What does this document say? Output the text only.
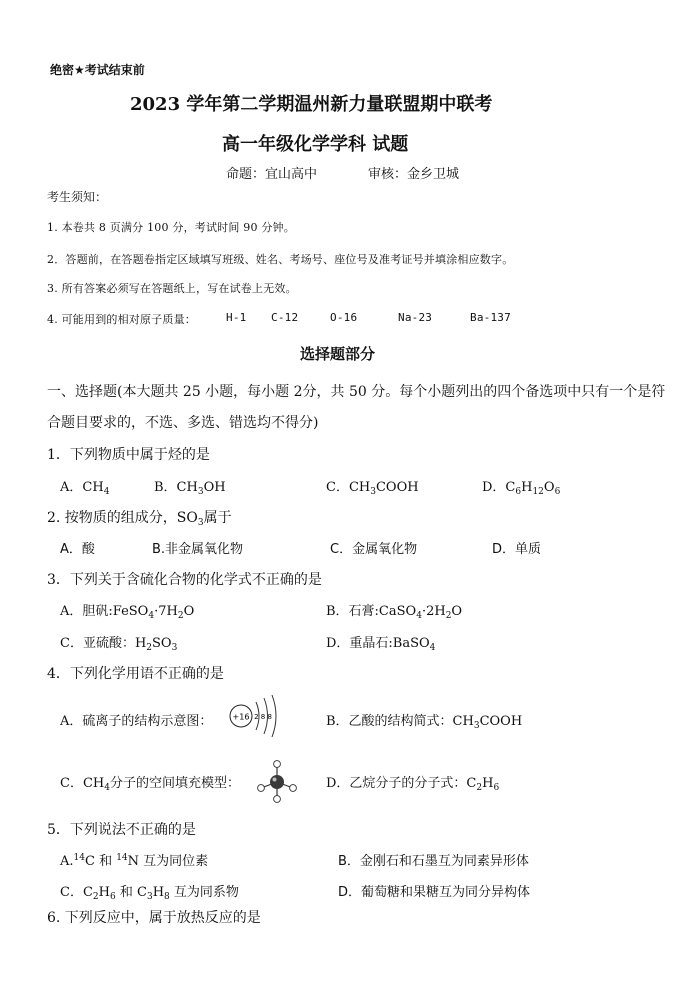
绝密★考试结束前
2023 学年第二学期温州新力量联盟期中联考
高一年级化学学科 试题
命题：宜山高中	审核：金乡卫城
考生须知：
1. 本卷共 8 页满分 100 分，考试时间 90 分钟。
2．答题前，在答题卷指定区域填写班级、姓名、考场号、座位号及准考证号并填涂相应数字。
3. 所有答案必须写在答题纸上，写在试卷上无效。
4. 可能用到的相对原子质量：	H-1 C-12	O-16	Na-23	Ba-137
选择题部分
一、选择题(本大题共 25 小题，每小题 2分，共 50 分。每个小题列出的四个备选项中只有一个是符
合题目要求的，不选、多选、错选均不得分)
1．下列物质中属于烃的是
A．$CH_4$	B．$CH_3OH$	C．$CH_3COOH$	D．$C_6H_{12}O_6$
2. 按物质的组成分，$SO_3$属于
A．酸	B.非金属氧化物	C．金属氧化物	D．单质
3．下列关于含硫化合物的化学式不正确的是
A．胆矾$:FeSO_4\cdot 7H_2O$	B．石膏$:CaSO_4\cdot 2H_2O$
C．亚硫酸：$H_2SO_3$	D．重晶石:BaSO$_4$
4．下列化学用语不正确的是
A．硫离子的结构示意图：	+16 2 8 8	B．乙酸的结构简式：$CH_3COOH$
C．$CH_4$分子的空间填充模型：	D．乙烷分子的分子式：$C_2H_6$
5．下列说法不正确的是
A.$^{14}$C 和 $^{14}$N 互为同位素	B．金刚石和石墨互为同素异形体
C．$C_2H_6$ 和 $C_3H_8$ 互为同系物	D．葡萄糖和果糖互为同分异构体
6. 下列反应中，属于放热反应的是
